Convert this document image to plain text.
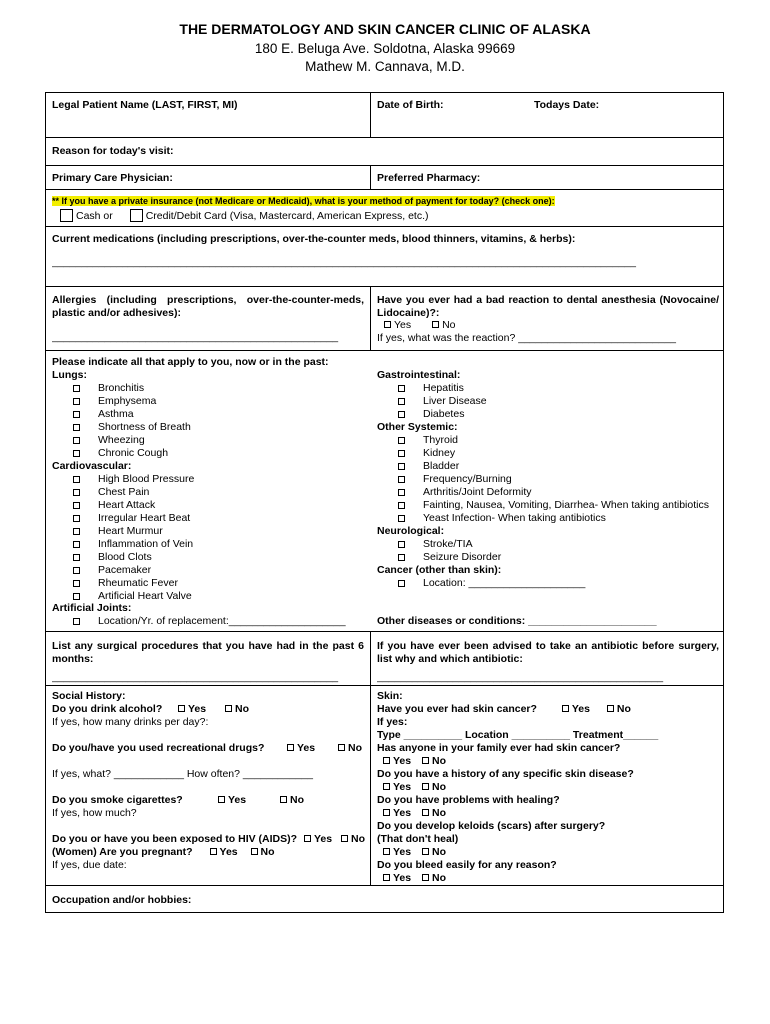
THE DERMATOLOGY AND SKIN CANCER CLINIC OF ALASKA
180 E. Beluga Ave. Soldotna, Alaska 99669
Mathew M. Cannava, M.D.
Legal Patient Name (LAST, FIRST, MI)	Date of Birth:	Todays Date:
Reason for today's visit:
Primary Care Physician:	Preferred Pharmacy:
** If you have a private insurance (not Medicare or Medicaid), what is your method of payment for today? (check one):
Cash or	Credit/Debit Card (Visa, Mastercard, American Express, etc.)
Current medications (including prescriptions, over-the-counter meds, blood thinners, vitamins, & herbs):
____________________________________________________________________________________________________
Allergies (including prescriptions, over-the-counter-meds,
plastic and/or adhesives):
_________________________________________________
Have you ever had a bad reaction to dental anesthesia (Novocaine/
Lidocaine)?:
Yes	No
If yes, what was the reaction? ___________________________
Please indicate all that apply to you, now or in the past:
Lungs:
Bronchitis
Emphysema
Asthma
Shortness of Breath
Wheezing
Chronic Cough
Cardiovascular:
High Blood Pressure
Chest Pain
Heart Attack
Irregular Heart Beat
Heart Murmur
Inflammation of Vein
Blood Clots
Pacemaker
Rheumatic Fever
Artificial Heart Valve
Artificial Joints:
Location/Yr. of replacement:____________________
Gastrointestinal:
Hepatitis
Liver Disease
Diabetes
Other Systemic:
Thyroid
Kidney
Bladder
Frequency/Burning
Arthritis/Joint Deformity
Fainting, Nausea, Vomiting, Diarrhea- When taking antibiotics
Yeast Infection- When taking antibiotics
Neurological:
Stroke/TIA
Seizure Disorder
Cancer (other than skin):
Location: ____________________
Other diseases or conditions: ______________________
List any surgical procedures that you have had in the past 6
months:
_________________________________________________
If you have ever been advised to take an antibiotic before surgery,
list why and which antibiotic:
_________________________________________________
Social History:
Do you drink alcohol?	Yes	No
If yes, how many drinks per day?:
Do you/have you used recreational drugs?	Yes	No
If yes, what? ____________ How often? ____________
Do you smoke cigarettes?	Yes	No
If yes, how much?
Do you or have you been exposed to HIV (AIDS)? Yes No
(Women) Are you pregnant?	Yes No
If yes, due date:
Skin:
Have you ever had skin cancer?	Yes	No
If yes:
Type __________ Location __________ Treatment______
Has anyone in your family ever had skin cancer?
Yes No
Do you have a history of any specific skin disease?
Yes No
Do you have problems with healing?
Yes No
Do you develop keloids (scars) after surgery?
(That don't heal)
Yes No
Do you bleed easily for any reason?
Yes No
Occupation and/or hobbies:
